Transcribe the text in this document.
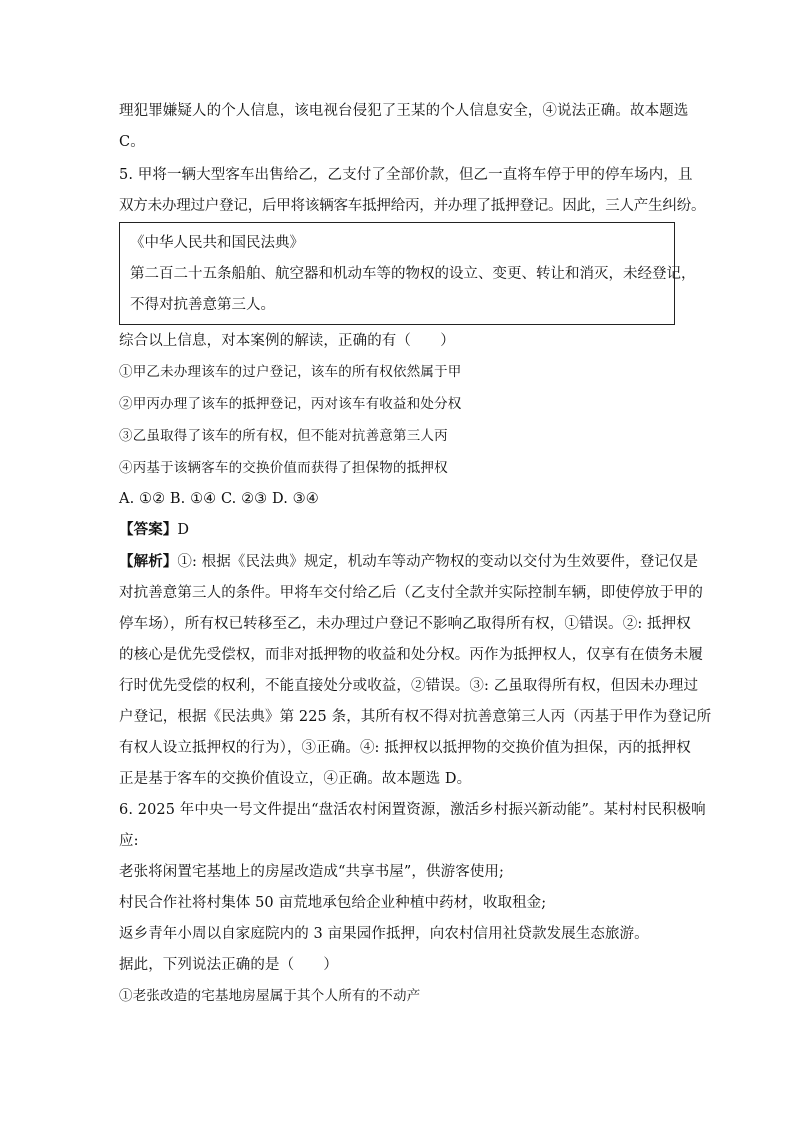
理犯罪嫌疑人的个人信息，该电视台侵犯了王某的个人信息安全，④说法正确。故本题选
C。
5. 甲将一辆大型客车出售给乙，乙支付了全部价款，但乙一直将车停于甲的停车场内，且
双方未办理过户登记，后甲将该辆客车抵押给丙，并办理了抵押登记。因此，三人产生纠纷。
《中华人民共和国民法典》
第二百二十五条船舶、航空器和机动车等的物权的设立、变更、转让和消灭，未经登记，
不得对抗善意第三人。
综合以上信息，对本案例的解读，正确的有（　　）
①甲乙未办理该车的过户登记，该车的所有权依然属于甲
②甲丙办理了该车的抵押登记，丙对该车有收益和处分权
③乙虽取得了该车的所有权，但不能对抗善意第三人丙
④丙基于该辆客车的交换价值而获得了担保物的抵押权
A. ①② B. ①④ C. ②③ D. ③④
【答案】D
【解析】①: 根据《民法典》规定，机动车等动产物权的变动以交付为生效要件，登记仅是
对抗善意第三人的条件。甲将车交付给乙后（乙支付全款并实际控制车辆，即使停放于甲的
停车场），所有权已转移至乙，未办理过户登记不影响乙取得所有权，①错误。②: 抵押权
的核心是优先受偿权，而非对抵押物的收益和处分权。丙作为抵押权人，仅享有在债务未履
行时优先受偿的权利，不能直接处分或收益，②错误。③: 乙虽取得所有权，但因未办理过
户登记，根据《民法典》第 225 条，其所有权不得对抗善意第三人丙（丙基于甲作为登记所
有权人设立抵押权的行为），③正确。④: 抵押权以抵押物的交换价值为担保，丙的抵押权
正是基于客车的交换价值设立，④正确。故本题选 D。
6. 2025 年中央一号文件提出“盘活农村闲置资源，激活乡村振兴新动能”。某村村民积极响
应:
老张将闲置宅基地上的房屋改造成“共享书屋”，供游客使用;
村民合作社将村集体 50 亩荒地承包给企业种植中药材，收取租金;
返乡青年小周以自家庭院内的 3 亩果园作抵押，向农村信用社贷款发展生态旅游。
据此，下列说法正确的是（　　）
①老张改造的宅基地房屋属于其个人所有的不动产
